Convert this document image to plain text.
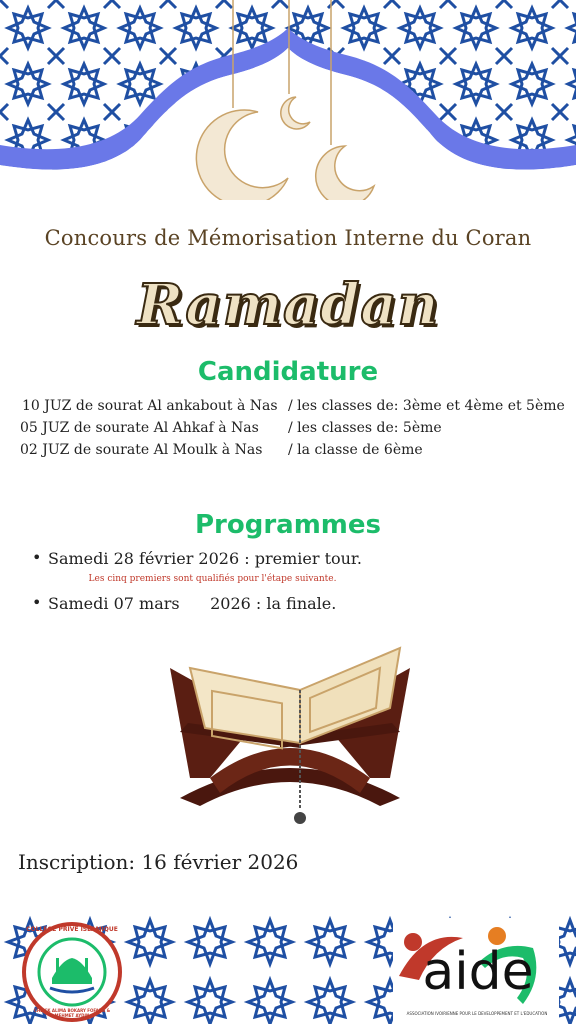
Concours de Mémorisation Interne du Coran
Ramadan
Candidature
10 JUZ de sourat Al ankabout à Nas / les classes de: 3ème et 4ème et 5ème
05 JUZ de sourate Al Ahkaf à Nas / les classes de: 5ème
02 JUZ de sourate Al Moulk à Nas / la classe de 6ème
Programmes
• Samedi 28 février 2026 : premier tour.
Les cinq premiers sont qualifiés pour l'étape suivante.
• Samedi 07 mars      2026 : la finale.
Inscription: 16 février 2026
COLLEGE PRIVE ISLAMIQUE
CHEICK ALIMA BOKARY FOFANA & MEHMET AYDIN
aide
ASSOCIATION IVOIRIENNE POUR LE DEVELOPPEMENT ET L'EDUCATION
